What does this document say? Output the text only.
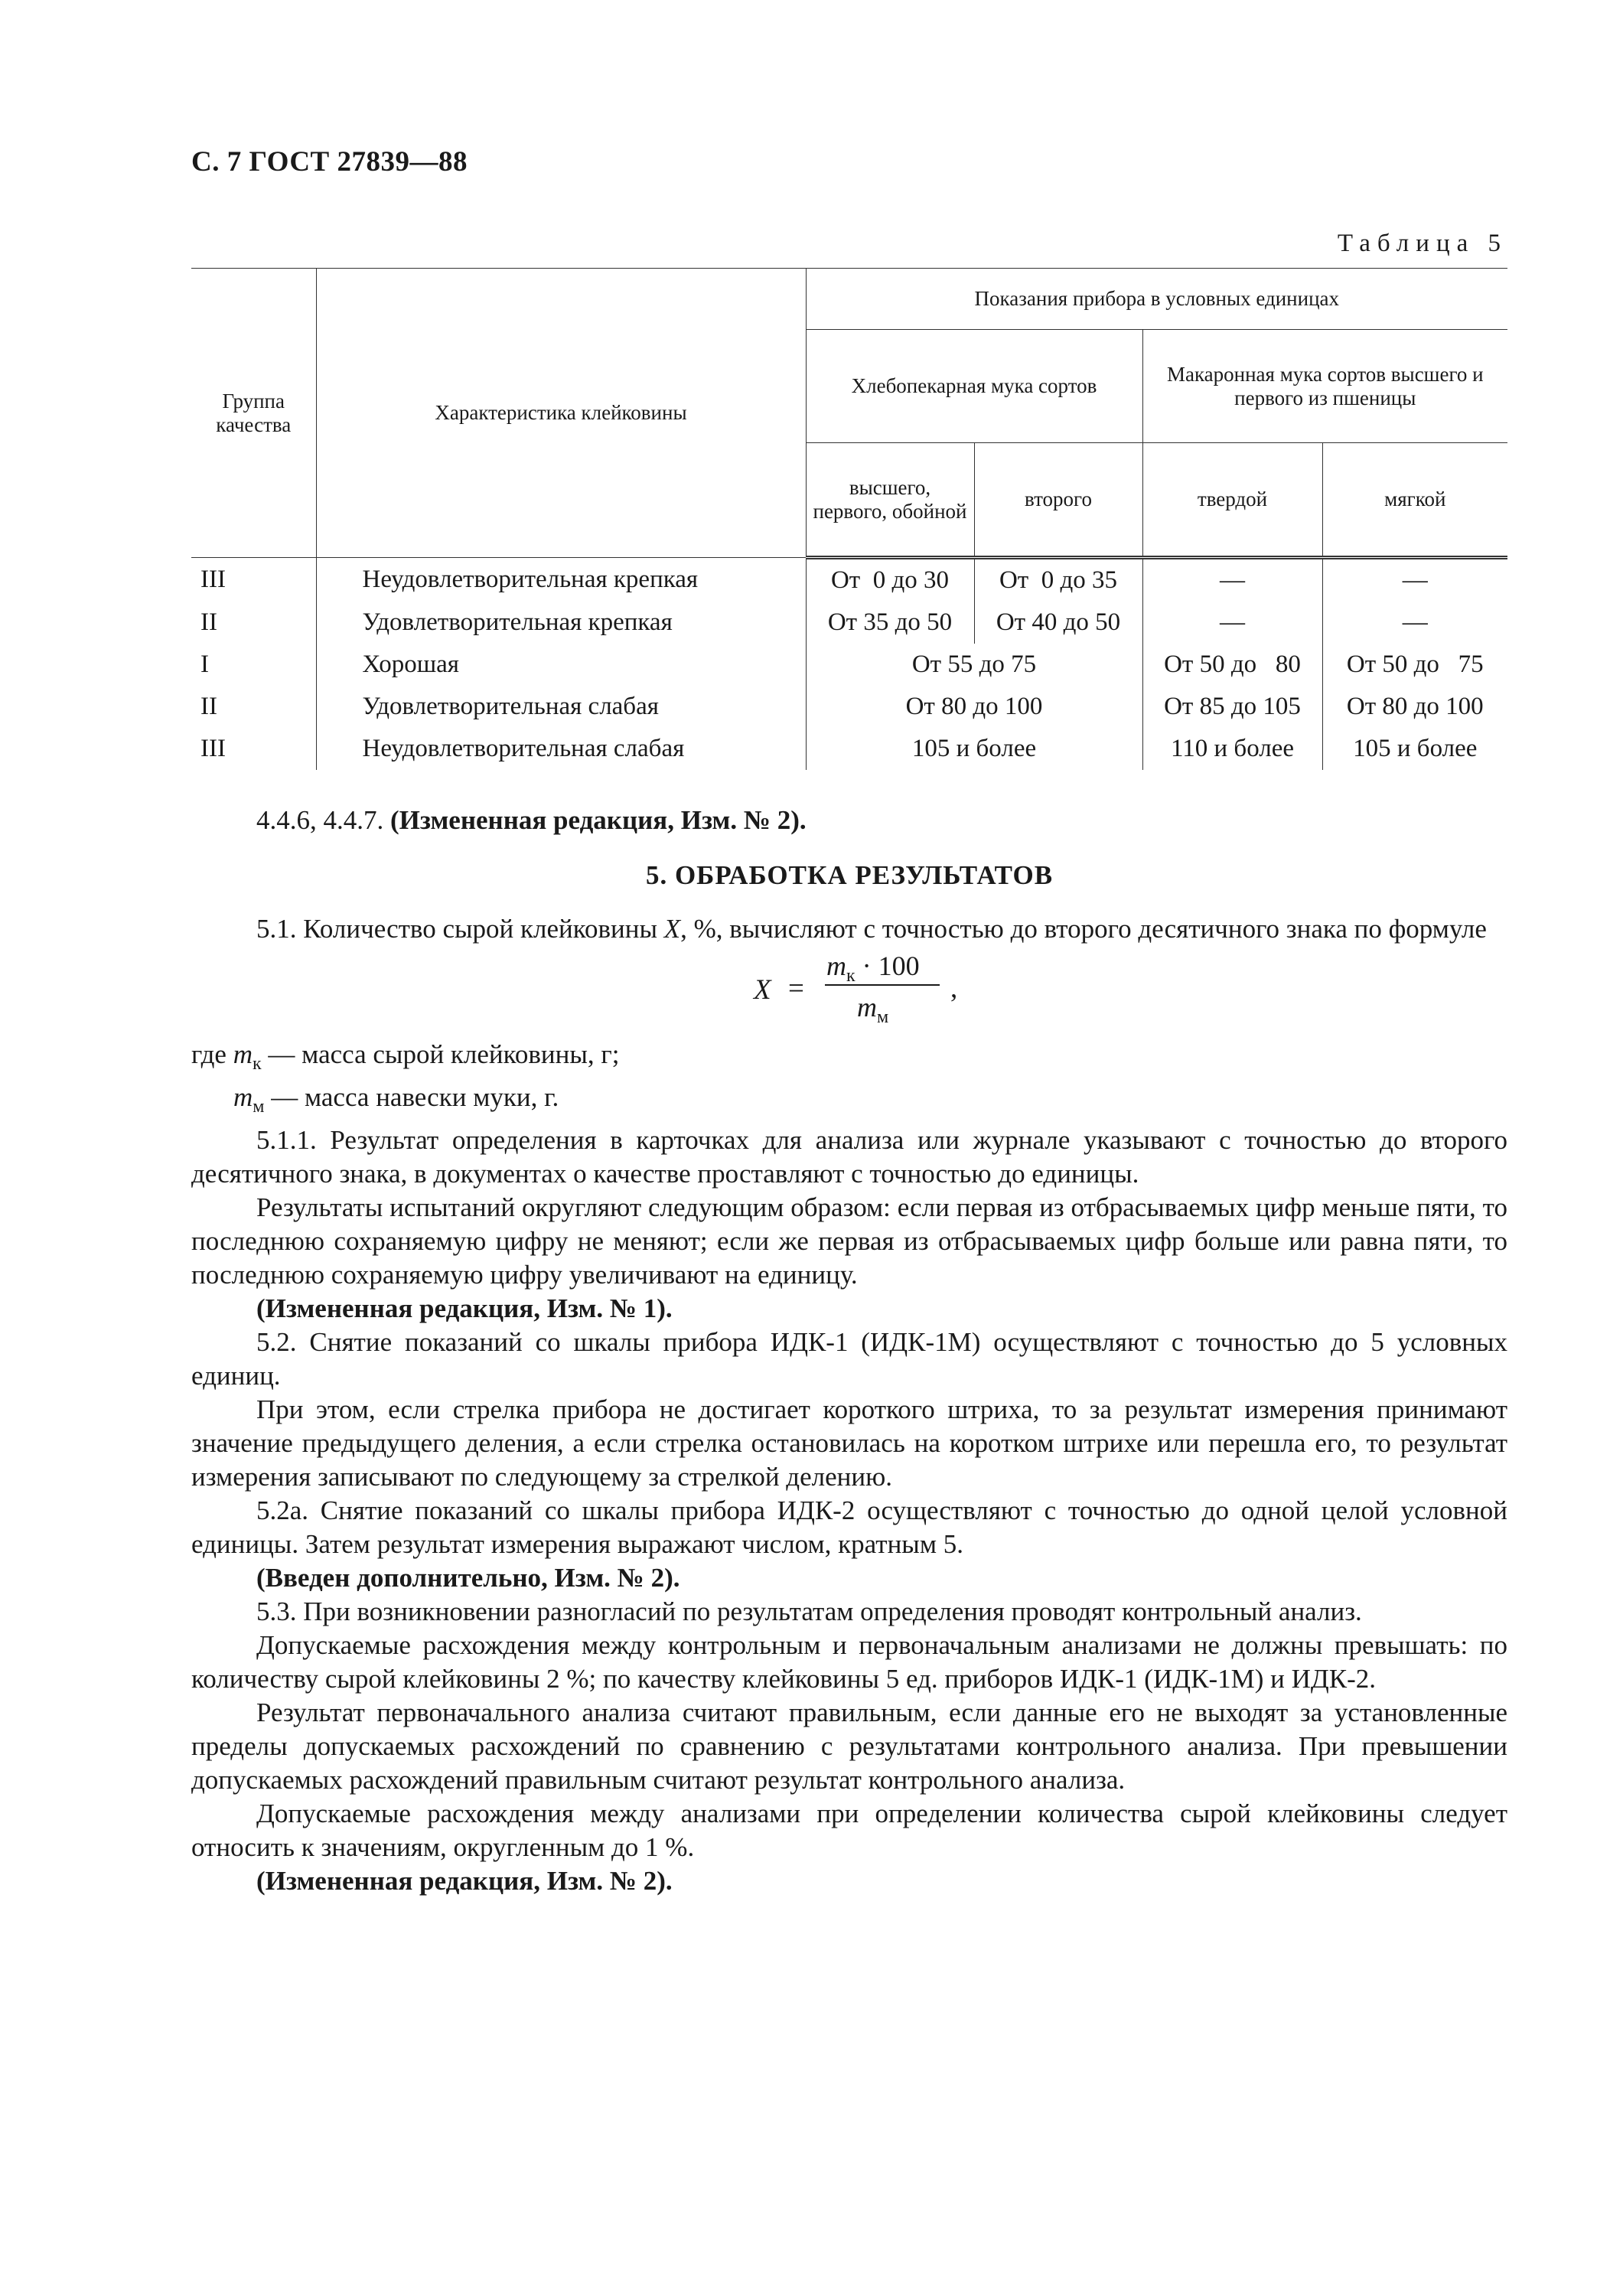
С. 7 ГОСТ 27839—88
Таблица 5
Группа качества	Характеристика клейковины	Показания прибора в условных единицах			
		Хлебопекарная мука сортов		Макаронная мука сортов высшего и первого из пшеницы	
		высшего, первого, обойной	второго	твердой	мягкой
III	Неудовлетворительная крепкая	От  0 до 30	От  0 до 35	—	—
II	Удовлетворительная крепкая	От 35 до 50	От 40 до 50	—	—
I	Хорошая	От 55 до 75		От 50 до   80	От 50 до   75
II	Удовлетворительная слабая	От 80 до 100		От 85 до 105	От 80 до 100
III	Неудовлетворительная слабая	105 и более		110 и более	105 и более

4.4.6, 4.4.7. (Измененная редакция, Изм. № 2).

5. ОБРАБОТКА РЕЗУЛЬТАТОВ

5.1. Количество сырой клейковины X, %, вычисляют с точностью до второго десятичного знака по формуле

X =
$m_к \cdot 100$
$m_м$
,

где $m_к$ — масса сырой клейковины, г;

$m_м$ — масса навески муки, г.

5.1.1. Результат определения в карточках для анализа или журнале указывают с точностью до второго десятичного знака, в документах о качестве проставляют с точностью до единицы.

Результаты испытаний округляют следующим образом: если первая из отбрасываемых цифр меньше пяти, то последнюю сохраняемую цифру не меняют; если же первая из отбрасываемых цифр больше или равна пяти, то последнюю сохраняемую цифру увеличивают на единицу.

(Измененная редакция, Изм. № 1).

5.2. Снятие показаний со шкалы прибора ИДК-1 (ИДК-1М) осуществляют с точностью до 5 условных единиц.

При этом, если стрелка прибора не достигает короткого штриха, то за результат измерения принимают значение предыдущего деления, а если стрелка остановилась на коротком штрихе или перешла его, то результат измерения записывают по следующему за стрелкой делению.

5.2а. Снятие показаний со шкалы прибора ИДК-2 осуществляют с точностью до одной целой условной единицы. Затем результат измерения выражают числом, кратным 5.

(Введен дополнительно, Изм. № 2).

5.3. При возникновении разногласий по результатам определения проводят контрольный анализ.

Допускаемые расхождения между контрольным и первоначальным анализами не должны превышать: по количеству сырой клейковины 2 %; по качеству клейковины 5 ед. приборов ИДК-1 (ИДК-1М) и ИДК-2.

Результат первоначального анализа считают правильным, если данные его не выходят за установленные пределы допускаемых расхождений по сравнению с результатами контрольного анализа. При превышении допускаемых расхождений правильным считают результат контрольного анализа.

Допускаемые расхождения между анализами при определении количества сырой клейковины следует относить к значениям, округленным до 1 %.

(Измененная редакция, Изм. № 2).
